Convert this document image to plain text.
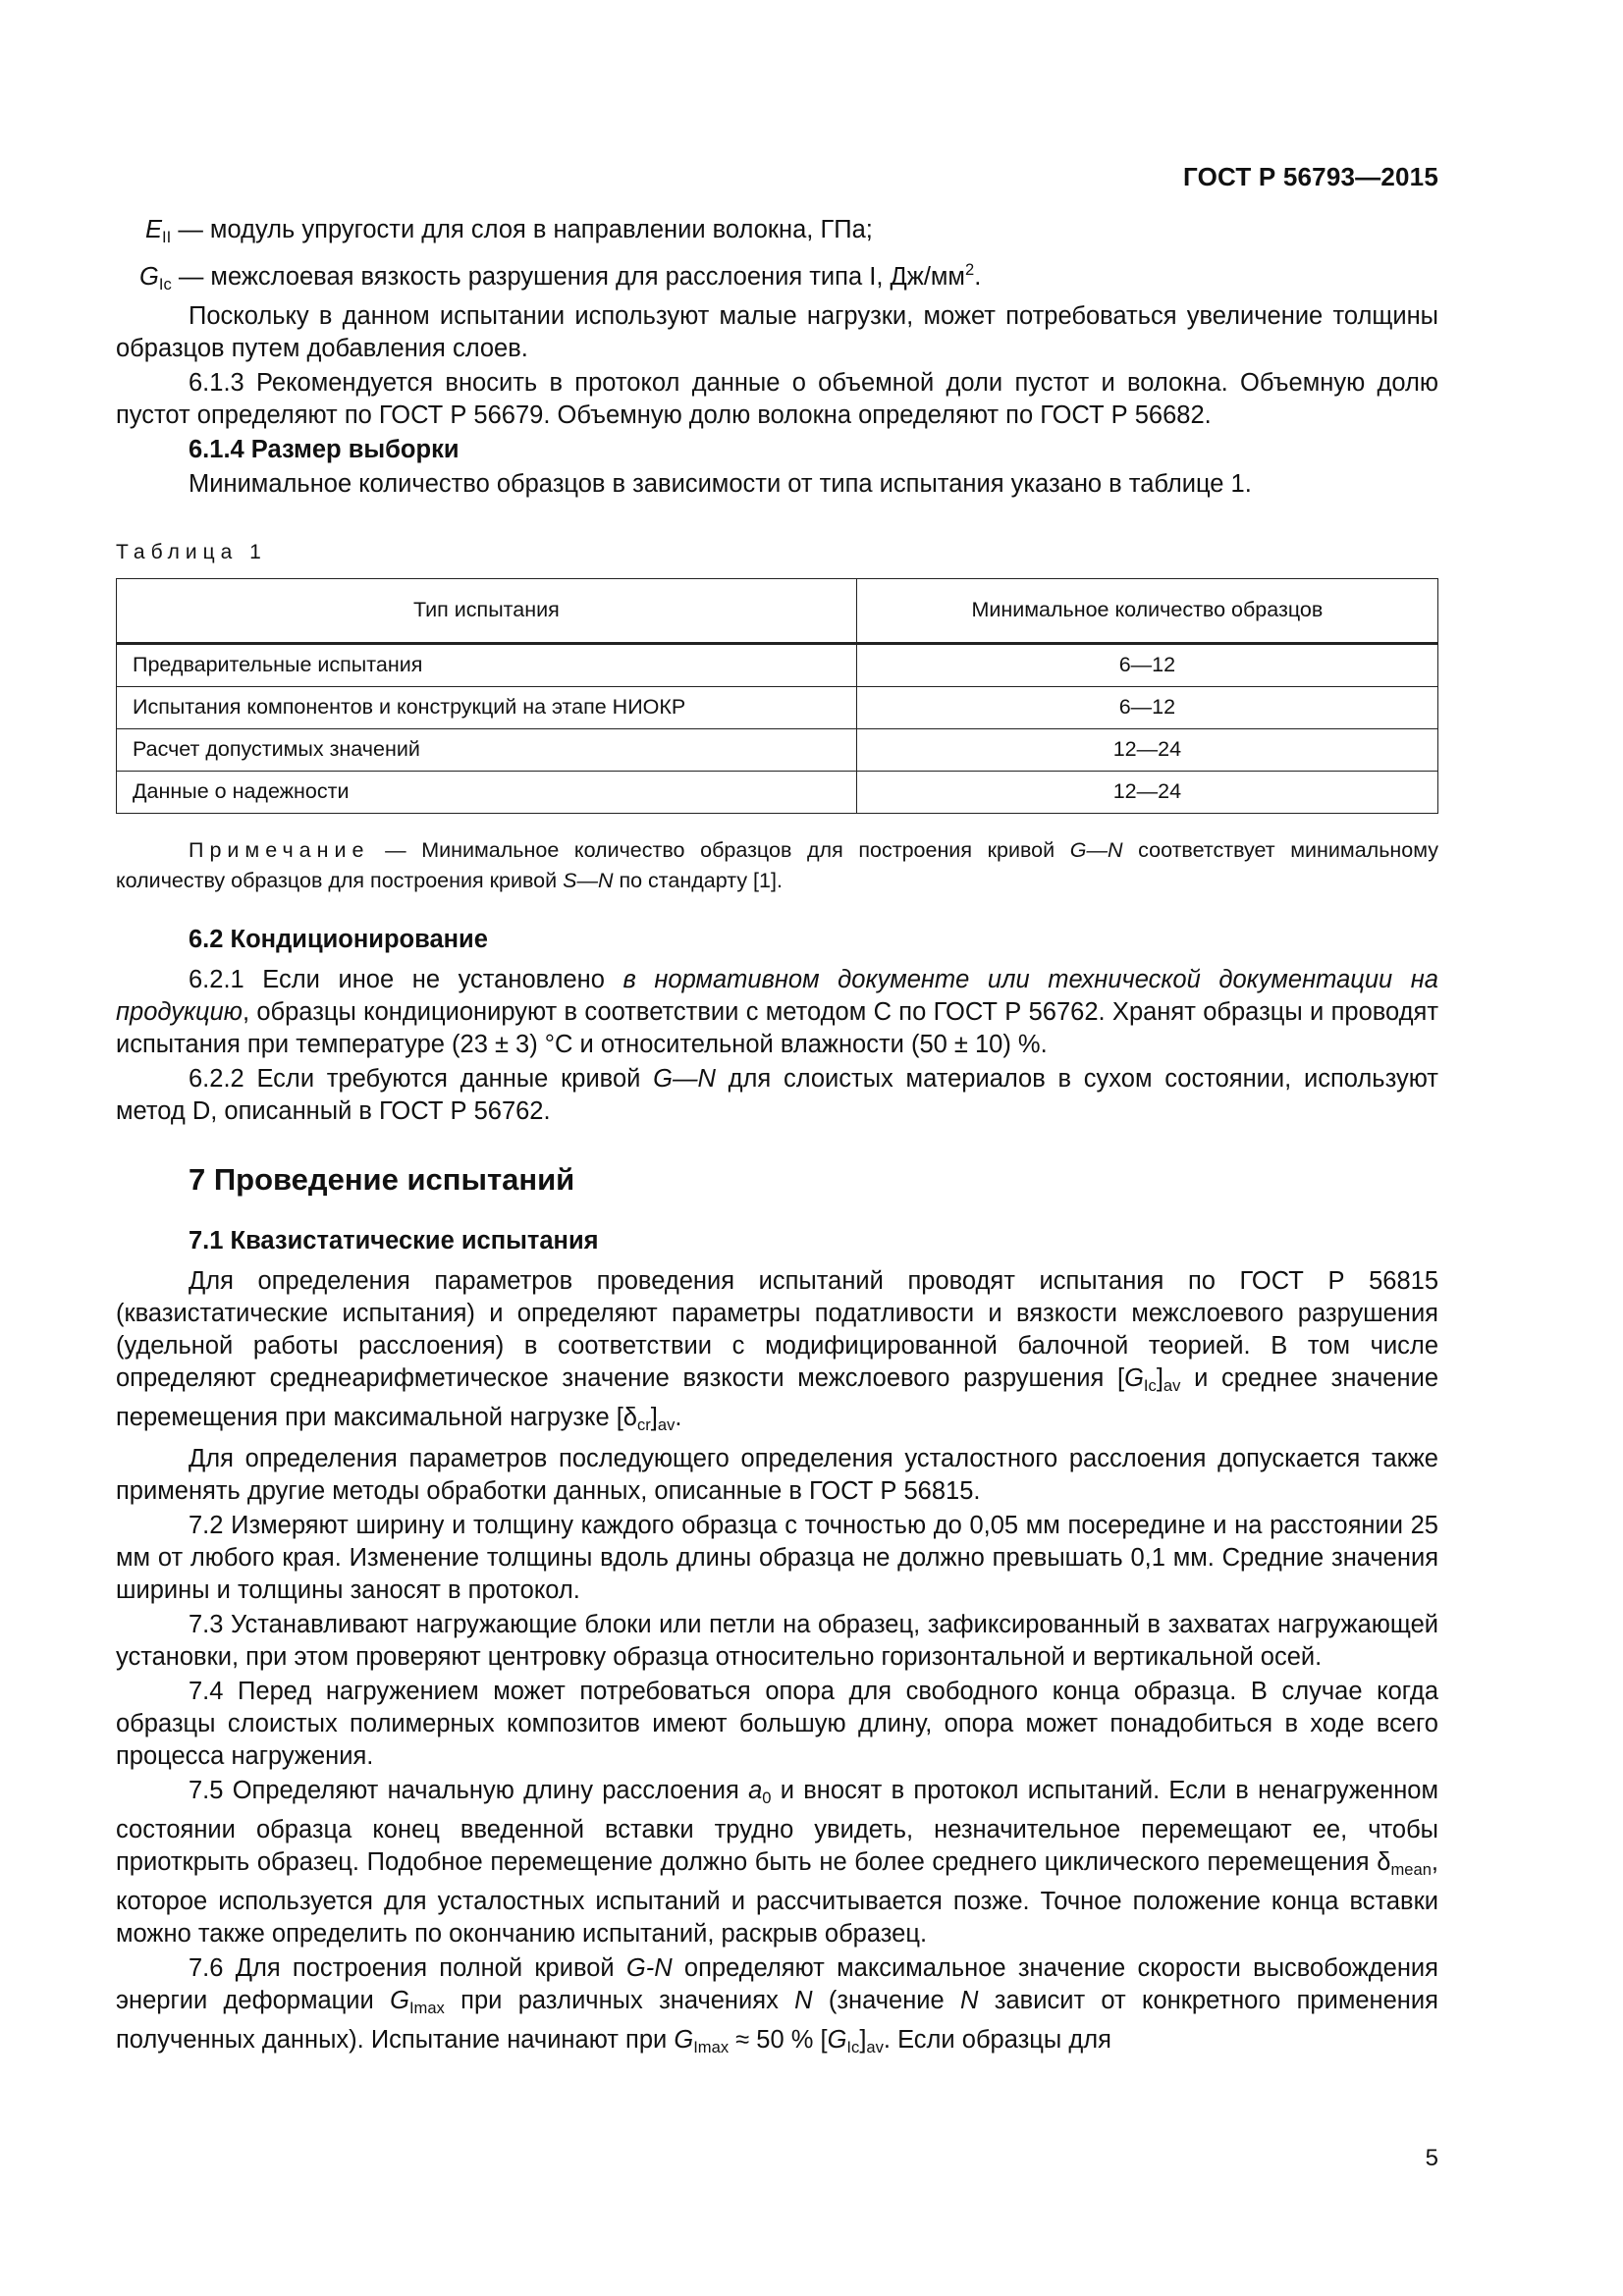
ГОСТ Р 56793—2015

$E_{II}$ — модуль упругости для слоя в направлении волокна, ГПа;

$G_{Ic}$ — межслоевая вязкость разрушения для расслоения типа I, $Дж/мм^2$.

Поскольку в данном испытании используют малые нагрузки, может потребоваться увеличение толщины образцов путем добавления слоев.

6.1.3 Рекомендуется вносить в протокол данные о объемной доли пустот и волокна. Объемную долю пустот определяют по ГОСТ Р 56679. Объемную долю волокна определяют по ГОСТ Р 56682.

6.1.4 Размер выборки

Минимальное количество образцов в зависимости от типа испытания указано в таблице 1.

Таблица 1
Тип испытания	Минимальное количество образцов
Предварительные испытания	6—12
Испытания компонентов и конструкций на этапе НИОКР	6—12
Расчет допустимых значений	12—24
Данные о надежности	12—24

Примечание — Минимальное количество образцов для построения кривой G—N соответствует минимальному количеству образцов для построения кривой S—N по стандарту [1].

6.2 Кондиционирование

6.2.1 Если иное не установлено в нормативном документе или технической документации на продукцию, образцы кондиционируют в соответствии с методом С по ГОСТ Р 56762. Хранят образцы и проводят испытания при температуре (23 ± 3) °С и относительной влажности (50 ± 10) %.

6.2.2 Если требуются данные кривой G—N для слоистых материалов в сухом состоянии, используют метод D, описанный в ГОСТ Р 56762.

7 Проведение испытаний

7.1 Квазистатические испытания

Для определения параметров проведения испытаний проводят испытания по ГОСТ Р 56815 (квазистатические испытания) и определяют параметры податливости и вязкости межслоевого разрушения (удельной работы расслоения) в соответствии с модифицированной балочной теорией. В том числе определяют среднеарифметическое значение вязкости межслоевого разрушения $[G_{Ic}]_{av}$ и среднее значение перемещения при максимальной нагрузке $[\delta_{cr}]_{av}$.

Для определения параметров последующего определения усталостного расслоения допускается также применять другие методы обработки данных, описанные в ГОСТ Р 56815.

7.2 Измеряют ширину и толщину каждого образца с точностью до 0,05 мм посередине и на расстоянии 25 мм от любого края. Изменение толщины вдоль длины образца не должно превышать 0,1 мм. Средние значения ширины и толщины заносят в протокол.

7.3 Устанавливают нагружающие блоки или петли на образец, зафиксированный в захватах нагружающей установки, при этом проверяют центровку образца относительно горизонтальной и вертикальной осей.

7.4 Перед нагружением может потребоваться опора для свободного конца образца. В случае когда образцы слоистых полимерных композитов имеют большую длину, опора может понадобиться в ходе всего процесса нагружения.

7.5 Определяют начальную длину расслоения $a_0$ и вносят в протокол испытаний. Если в ненагруженном состоянии образца конец введенной вставки трудно увидеть, незначительное перемещают ее, чтобы приоткрыть образец. Подобное перемещение должно быть не более среднего циклического перемещения $\delta_{mean}$, которое используется для усталостных испытаний и рассчитывается позже. Точное положение конца вставки можно также определить по окончанию испытаний, раскрыв образец.

7.6 Для построения полной кривой G-N определяют максимальное значение скорости высвобождения энергии деформации $G_{Imax}$ при различных значениях N (значение N зависит от конкретного применения полученных данных). Испытание начинают при $G_{Imax} \approx 50$ % $[G_{Ic}]_{av}$. Если образцы для

5
